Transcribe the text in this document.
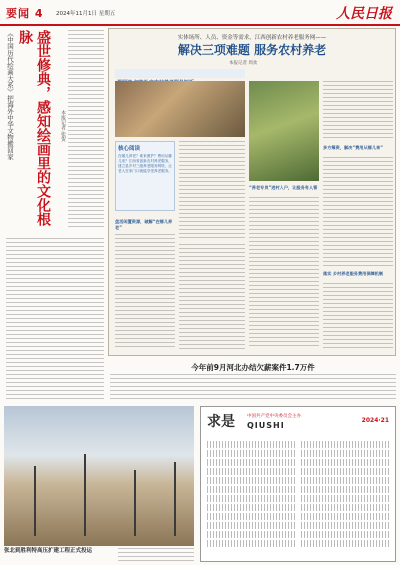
要闻 4 2024年11月1日 星期五	人民日报
《中国历代绘画大系》把海外中华文物搬回家	盛世修典，感知绘画里的文化根脉
本报记者 张贺
实体场所、人员、资金等需求，江西创新农村养老服务网——
解决三项难题 服务农村养老
本报记者 周欢
核心阅读
在哪儿养老？谁来照护？费用从哪儿来？江西省创新农村养老服务，建立县乡村三级养老服务网络，让老人在家门口就能享受养老服务。
盘活闲置资源，破解“在哪儿养老”
“养老专员”进村入户，让服务有人管
多方筹资，解决“费用从哪儿来”
落实 乡村养老服务费用保障机制
今年前9月河北办结欠薪案件1.7万件
张北到胜利特高压扩建工程正式投运
求是	中国共产党中央委员会主办
QIUSHI
2024·21
